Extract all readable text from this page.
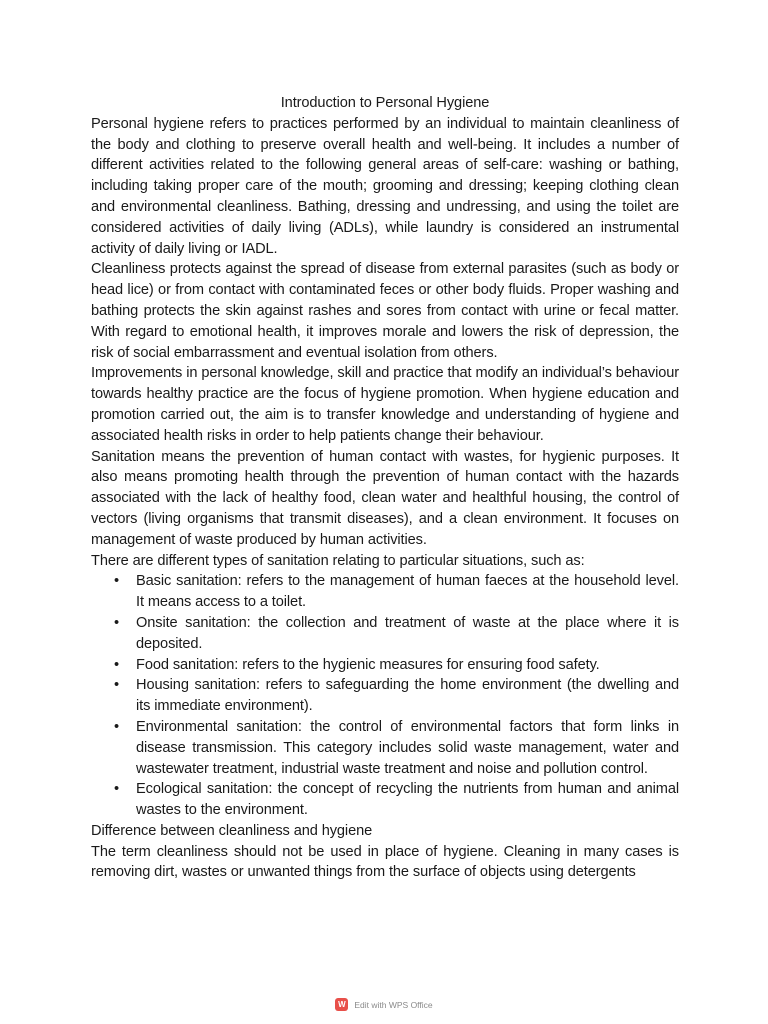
Introduction to Personal Hygiene

Personal hygiene refers to practices performed by an individual to maintain cleanliness of the body and clothing to preserve overall health and well-being. It includes a number of different activities related to the following general areas of self-care: washing or bathing, including taking proper care of the mouth; grooming and dressing; keeping clothing clean and environmental cleanliness. Bathing, dressing and undressing, and using the toilet are considered activities of daily living (ADLs), while laundry is considered an instrumental activity of daily living or IADL.

Cleanliness protects against the spread of disease from external parasites (such as body or head lice) or from contact with contaminated feces or other body fluids. Proper washing and bathing protects the skin against rashes and sores from contact with urine or fecal matter. With regard to emotional health, it improves morale and lowers the risk of depression, the risk of social embarrassment and eventual isolation from others.

Improvements in personal knowledge, skill and practice that modify an individual’s behaviour towards healthy practice are the focus of hygiene promotion. When hygiene education and promotion carried out, the aim is to transfer knowledge and understanding of hygiene and associated health risks in order to help patients change their behaviour.

Sanitation means the prevention of human contact with wastes, for hygienic purposes. It also means promoting health through the prevention of human contact with the hazards associated with the lack of healthy food, clean water and healthful housing, the control of vectors (living organisms that transmit diseases), and a clean environment. It focuses on management of waste produced by human activities.

There are different types of sanitation relating to particular situations, such as:

• Basic sanitation: refers to the management of human faeces at the household level. It means access to a toilet.
• Onsite sanitation: the collection and treatment of waste at the place where it is deposited.
• Food sanitation: refers to the hygienic measures for ensuring food safety.
• Housing sanitation: refers to safeguarding the home environment (the dwelling and its immediate environment).
• Environmental sanitation: the control of environmental factors that form links in disease transmission. This category includes solid waste management, water and wastewater treatment, industrial waste treatment and noise and pollution control.
• Ecological sanitation: the concept of recycling the nutrients from human and animal wastes to the environment.

Difference between cleanliness and hygiene

The term cleanliness should not be used in place of hygiene. Cleaning in many cases is removing dirt, wastes or unwanted things from the surface of objects using detergents

W	Edit with WPS Office
